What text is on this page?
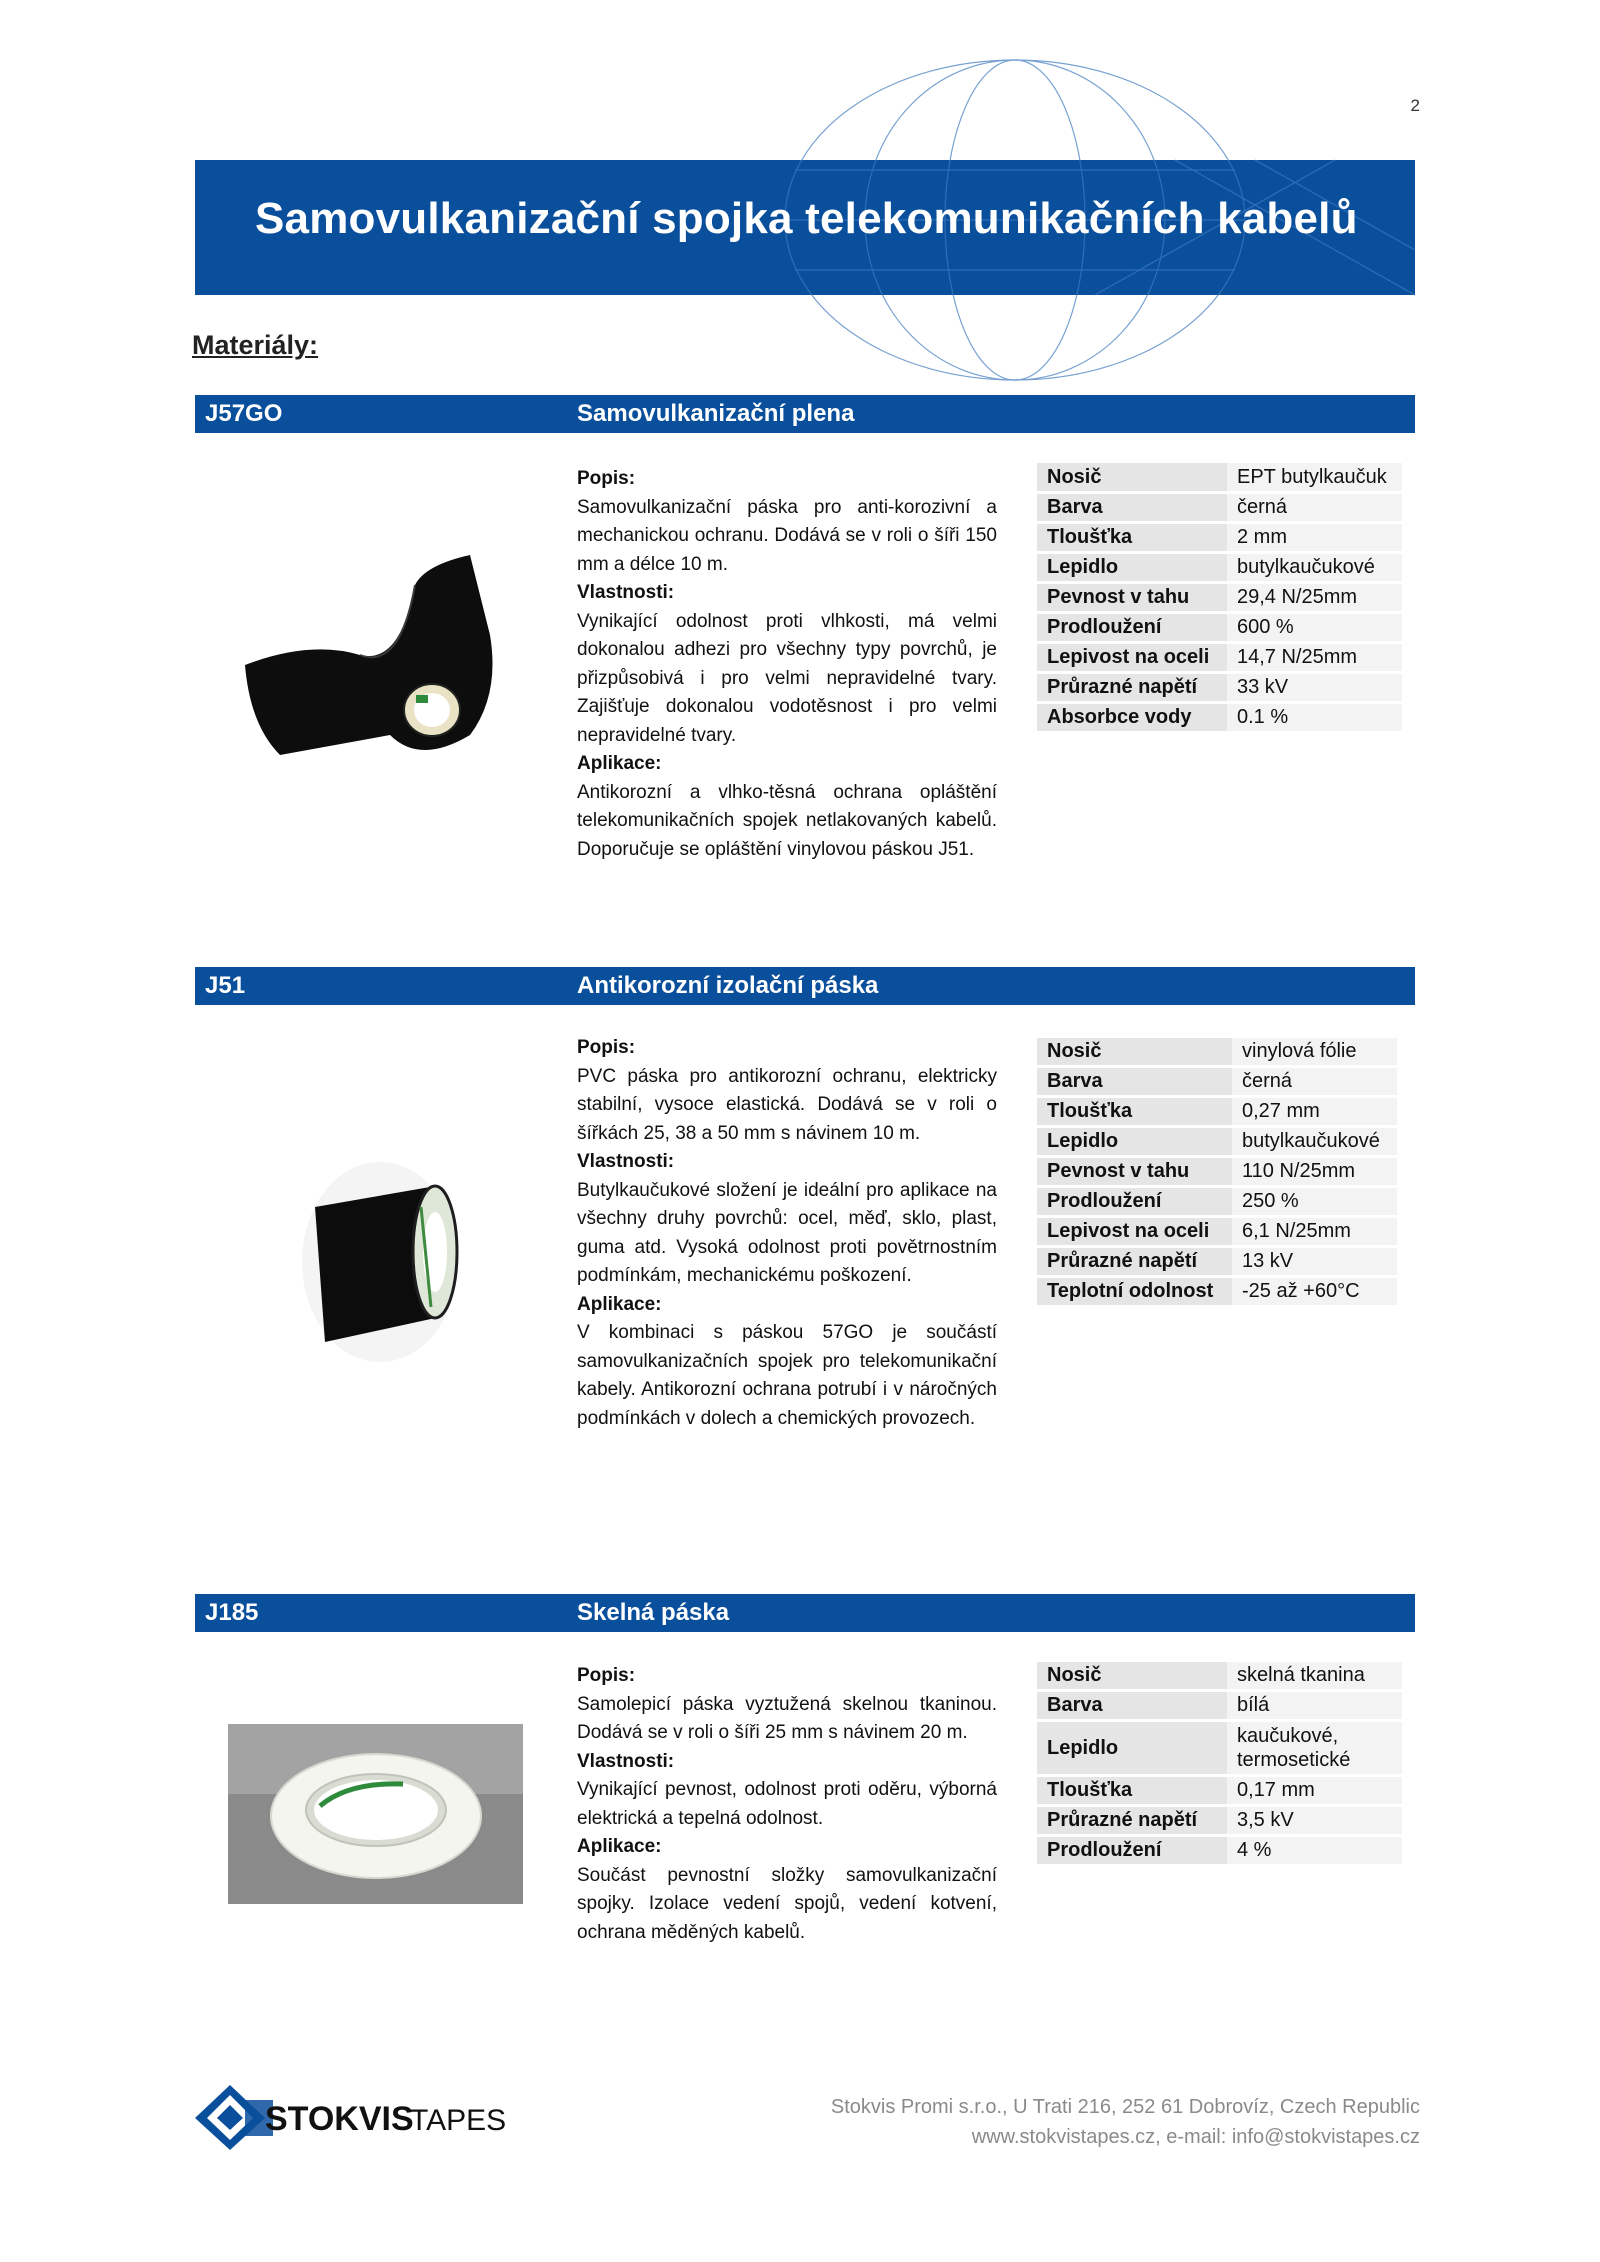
2
Samovulkanizační spojka telekomunikačních kabelů
Materiály:
J57GO	Samovulkanizační plena
Popis:
Samovulkanizační páska pro anti-korozivní a mechanickou ochranu. Dodává se v roli o šíři 150 mm a délce 10 m.
Vlastnosti:
Vynikající odolnost proti vlhkosti, má velmi dokonalou adhezi pro všechny typy povrchů, je přizpůsobivá i pro velmi nepravidelné tvary. Zajišťuje dokonalou vodotěsnost i pro velmi nepravidelné tvary.
Aplikace:
Antikorozní a vlhko-těsná ochrana opláštění telekomunikačních spojek netlakovaných kabelů. Doporučuje se opláštění vinylovou páskou J51.
Nosič	EPT butylkaučuk
Barva	černá
Tloušťka	2 mm
Lepidlo	butylkaučukové
Pevnost v tahu	29,4 N/25mm
Prodloužení	600 %
Lepivost na oceli	14,7 N/25mm
Průrazné napětí	33 kV
Absorbce vody	0.1 %
J51	Antikorozní izolační páska
Popis:
PVC páska pro antikorozní ochranu, elektricky stabilní, vysoce elastická. Dodává se v roli o šířkách 25, 38 a 50 mm s návinem 10 m.
Vlastnosti:
Butylkaučukové složení je ideální pro aplikace na všechny druhy povrchů: ocel, měď, sklo, plast, guma atd. Vysoká odolnost proti povětrnostním podmínkám, mechanickému poškození.
Aplikace:
V kombinaci s páskou 57GO je součástí samovulkanizačních spojek pro telekomunikační kabely. Antikorozní ochrana potrubí i v náročných podmínkách v dolech a chemických provozech.
Nosič	vinylová fólie
Barva	černá
Tloušťka	0,27 mm
Lepidlo	butylkaučukové
Pevnost v tahu	110 N/25mm
Prodloužení	250 %
Lepivost na oceli	6,1 N/25mm
Průrazné napětí	13 kV
Teplotní odolnost	-25 až +60°C
J185	Skelná páska
Popis:
Samolepicí páska vyztužená skelnou tkaninou. Dodává se v roli o šíři 25 mm s návinem 20 m.
Vlastnosti:
Vynikající pevnost, odolnost proti oděru, výborná elektrická a tepelná odolnost.
Aplikace:
Součást pevnostní složky samovulkanizační spojky. Izolace vedení spojů, vedení kotvení, ochrana měděných kabelů.
Nosič	skelná tkanina
Barva	bílá
Lepidlo	kaučukové, termosetické
Tloušťka	0,17 mm
Průrazné napětí	3,5 kV
Prodloužení	4 %
STOKVIS
TAPES	Stokvis Promi s.r.o., U Trati 216, 252 61 Dobrovíz, Czech Republic
www.stokvistapes.cz, e-mail: info@stokvistapes.cz
